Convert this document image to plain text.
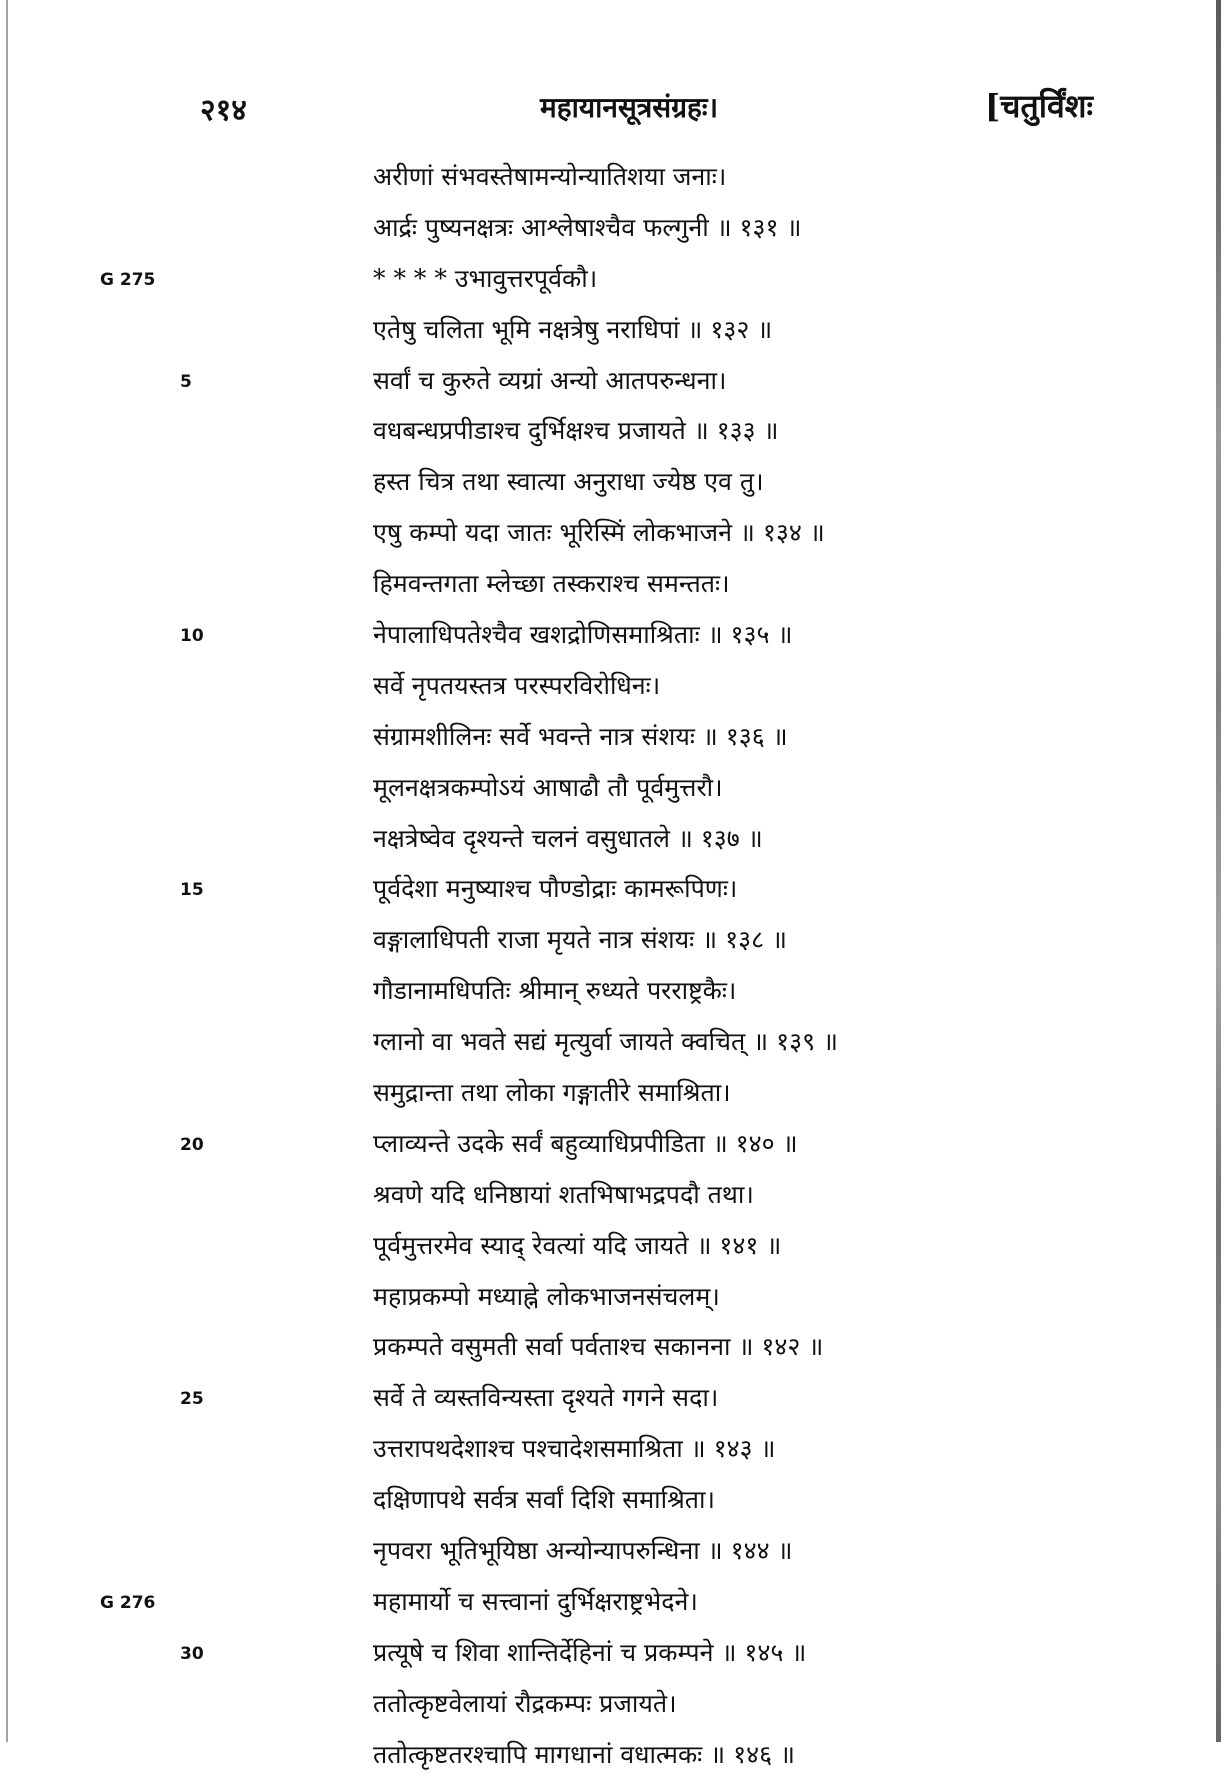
२१४	महायानसूत्रसंग्रहः।	[चतुर्विंशः
अरीणां संभवस्तेषामन्योन्यातिशया जनाः।
आर्द्रः पुष्यनक्षत्रः आश्लेषाश्चैव फल्गुनी ॥ १३१ ॥
G 275	* * * * उभावुत्तरपूर्वकौ।
एतेषु चलिता भूमि नक्षत्रेषु नराधिपां ॥ १३२ ॥
5	सर्वां च कुरुते व्यग्रां अन्यो आतपरुन्धना।
वधबन्धप्रपीडाश्च दुर्भिक्षश्च प्रजायते ॥ १३३ ॥
हस्त चित्र तथा स्वात्या अनुराधा ज्येष्ठ एव तु।
एषु कम्पो यदा जातः भूरिस्मिं लोकभाजने ॥ १३४ ॥
हिमवन्तगता म्लेच्छा तस्कराश्च समन्ततः।
10	नेपालाधिपतेश्चैव खशद्रोणिसमाश्रिताः ॥ १३५ ॥
सर्वे नृपतयस्तत्र परस्परविरोधिनः।
संग्रामशीलिनः सर्वे भवन्ते नात्र संशयः ॥ १३६ ॥
मूलनक्षत्रकम्पोऽयं आषाढौ तौ पूर्वमुत्तरौ।
नक्षत्रेष्वेव दृश्यन्ते चलनं वसुधातले ॥ १३७ ॥
15	पूर्वदेशा मनुष्याश्च पौण्डोद्राः कामरूपिणः।
वङ्गालाधिपती राजा मृयते नात्र संशयः ॥ १३८ ॥
गौडानामधिपतिः श्रीमान् रुध्यते परराष्ट्रकैः।
ग्लानो वा भवते सद्यं मृत्युर्वा जायते क्वचित् ॥ १३९ ॥
समुद्रान्ता तथा लोका गङ्गातीरे समाश्रिता।
20	प्लाव्यन्ते उदके सर्वं बहुव्याधिप्रपीडिता ॥ १४० ॥
श्रवणे यदि धनिष्ठायां शतभिषाभद्रपदौ तथा।
पूर्वमुत्तरमेव स्याद् रेवत्यां यदि जायते ॥ १४१ ॥
महाप्रकम्पो मध्याह्ने लोकभाजनसंचलम्।
प्रकम्पते वसुमती सर्वा पर्वताश्च सकानना ॥ १४२ ॥
25	सर्वे ते व्यस्तविन्यस्ता दृश्यते गगने सदा।
उत्तरापथदेशाश्च पश्चादेशसमाश्रिता ॥ १४३ ॥
दक्षिणापथे सर्वत्र सर्वां दिशि समाश्रिता।
नृपवरा भूतिभूयिष्ठा अन्योन्यापरुन्धिना ॥ १४४ ॥
G 276	महामार्यो च सत्त्वानां दुर्भिक्षराष्ट्रभेदने।
30	प्रत्यूषे च शिवा शान्तिर्देहिनां च प्रकम्पने ॥ १४५ ॥
ततोत्कृष्टवेलायां रौद्रकम्पः प्रजायते।
ततोत्कृष्टतरश्चापि मागधानां वधात्मकः ॥ १४६ ॥
